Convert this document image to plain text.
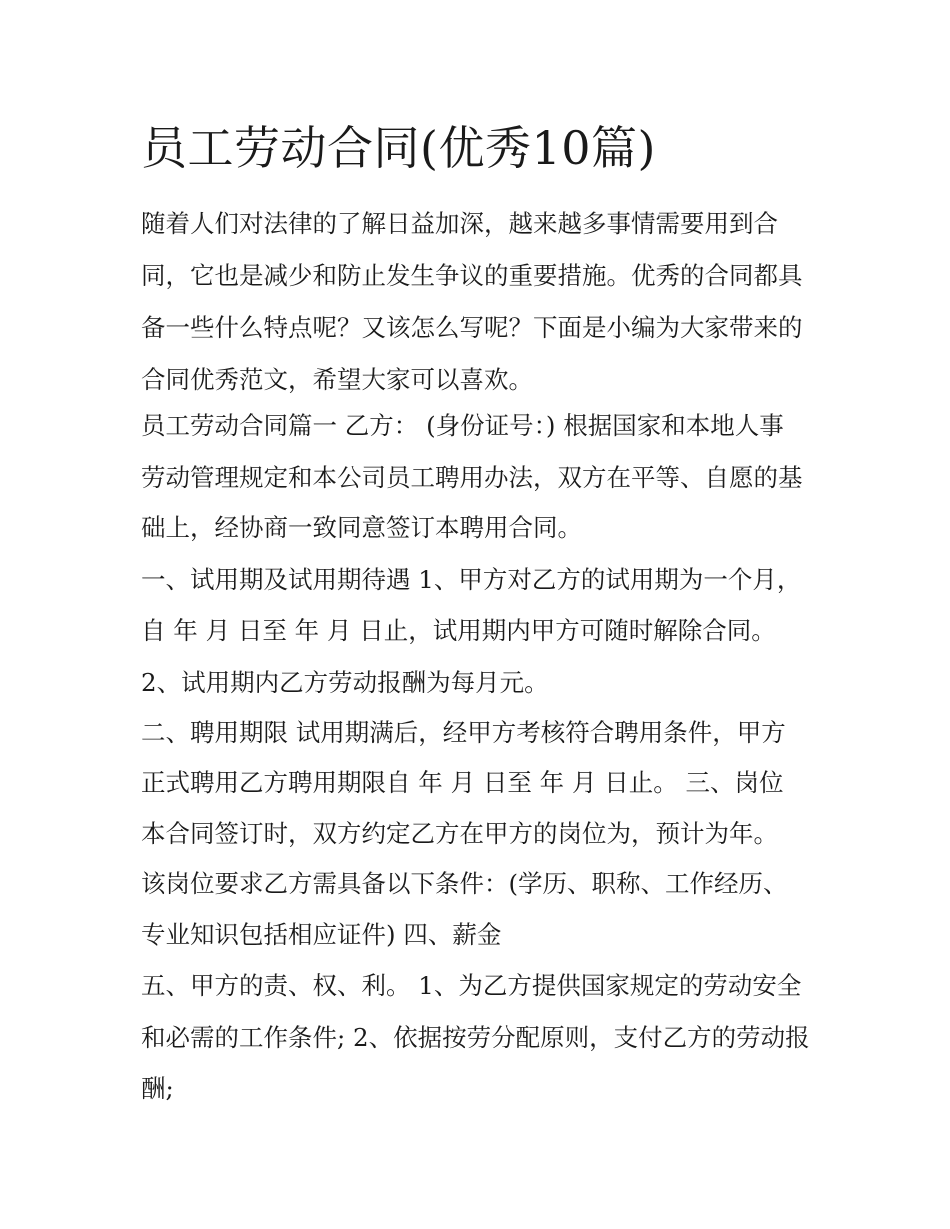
员工劳动合同(优秀10篇)

随着人们对法律的了解日益加深，越来越多事情需要用到合

同，它也是减少和防止发生争议的重要措施。优秀的合同都具

备一些什么特点呢？又该怎么写呢？下面是小编为大家带来的

合同优秀范文，希望大家可以喜欢。

员工劳动合同篇一 乙方： (身份证号：) 根据国家和本地人事

劳动管理规定和本公司员工聘用办法，双方在平等、自愿的基

础上，经协商一致同意签订本聘用合同。

一、试用期及试用期待遇 1、甲方对乙方的试用期为一个月，

自 年 月 日至 年 月 日止，试用期内甲方可随时解除合同。

2、试用期内乙方劳动报酬为每月元。

二、聘用期限 试用期满后，经甲方考核符合聘用条件，甲方

正式聘用乙方聘用期限自 年 月 日至 年 月 日止。 三、岗位

本合同签订时，双方约定乙方在甲方的岗位为，预计为年。

该岗位要求乙方需具备以下条件：(学历、职称、工作经历、

专业知识包括相应证件) 四、薪金

五、甲方的责、权、利。 1、为乙方提供国家规定的劳动安全

和必需的工作条件; 2、依据按劳分配原则，支付乙方的劳动报

酬;
